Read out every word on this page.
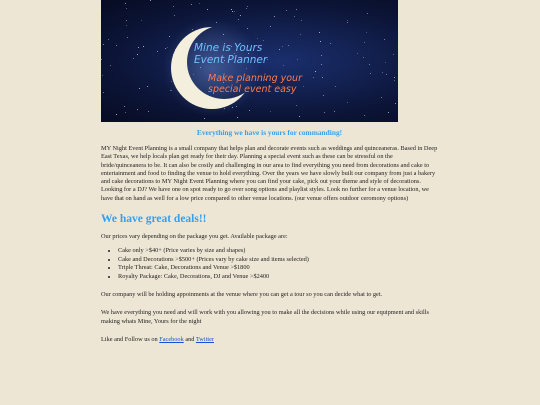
Mine is Yours
Event Planner
Make planning your
special event easy

Everything we have is yours for commanding!

MY Night Event Planning is a small company that helps plan and decorate events such as weddings and quinceaneras. Based in Deep East Texas, we help locals plan get ready for their day. Planning a special event such as these can be stressful on the bride/quinceanera to be. It can also be costly and challenging in our area to find everything you need from decorations and cake to entertainment and food to finding the venue to hold everything. Over the years we have slowly built our company from just a bakery and cake decorations to MY Night Event Planning where you can find your cake, pick out your theme and style of decorations. Looking for a DJ? We have one on spot ready to go over song options and playlist styles. Look no further for a venue location, we have that on hand as well for a low price compared to other venue locations. (our venue offers outdoor ceromony options)

We have great deals!!

Our prices vary depending on the package you get. Available package are:

• Cake only >$40+ (Price varies by size and shapes)
• Cake and Decorations >$500+ (Prices vary by cake size and items selected)
• Triple Threat: Cake, Decorations and Venue >$1800
• Royalty Package: Cake, Decorations, DJ and Venue >$2400

Our company will be holding appoinments at the venue where you can get a tour so you can decide what to get.

We have everything you need and will work with you allowing you to make all the decisions while using our equipment and skills making whats Mine, Yours for the night

Like and Follow us on Facebook and Twitter
